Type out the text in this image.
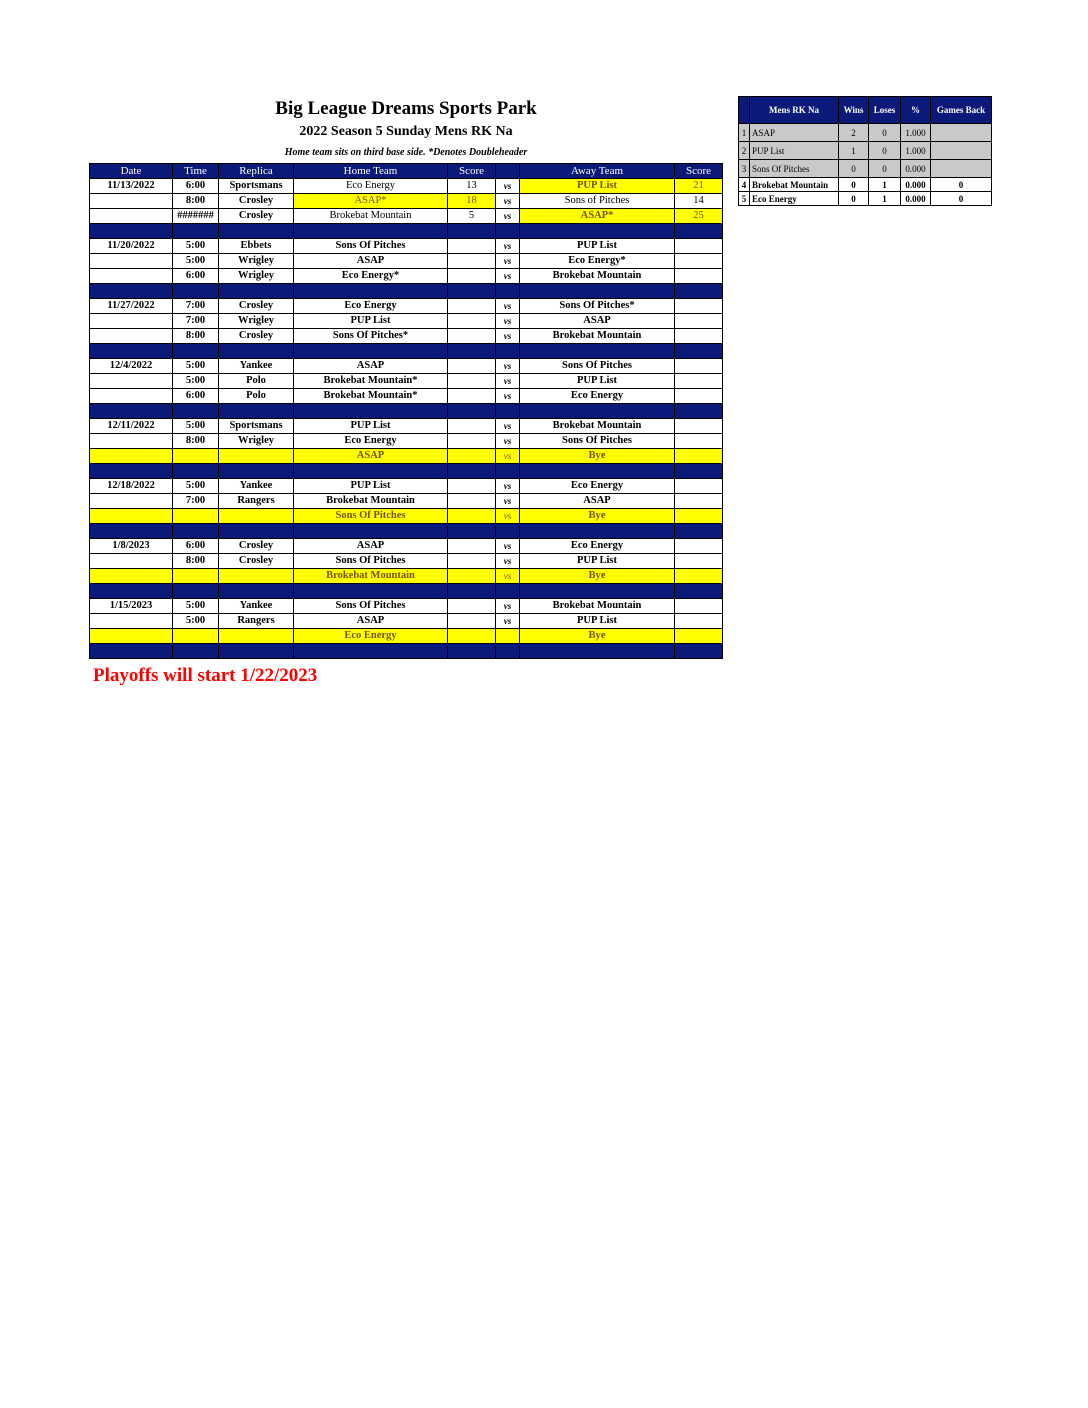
Big League Dreams Sports Park
2022 Season 5 Sunday Mens RK Na
Home team sits on third base side. *Denotes Doubleheader
Date	Time	Replica	Home Team	Score		Away Team	Score
11/13/2022	6:00	Sportsmans	Eco Energy	13	vs	PUP List	21
	8:00	Crosley	ASAP*	18	vs	Sons of Pitches	14
	#######	Crosley	Brokebat Mountain	5	vs	ASAP*	25

11/20/2022	5:00	Ebbets	Sons Of Pitches		vs	PUP List	
	5:00	Wrigley	ASAP		vs	Eco Energy*	
	6:00	Wrigley	Eco Energy*		vs	Brokebat Mountain	

11/27/2022	7:00	Crosley	Eco Energy		vs	Sons Of Pitches*	
	7:00	Wrigley	PUP List		vs	ASAP	
	8:00	Crosley	Sons Of Pitches*		vs	Brokebat Mountain	

12/4/2022	5:00	Yankee	ASAP		vs	Sons Of Pitches	
	5:00	Polo	Brokebat Mountain*		vs	PUP List	
	6:00	Polo	Brokebat Mountain*		vs	Eco Energy	

12/11/2022	5:00	Sportsmans	PUP List		vs	Brokebat Mountain	
	8:00	Wrigley	Eco Energy		vs	Sons Of Pitches	
			ASAP		vs	Bye	

12/18/2022	5:00	Yankee	PUP List		vs	Eco Energy	
	7:00	Rangers	Brokebat Mountain		vs	ASAP	
			Sons Of Pitches		vs	Bye	

1/8/2023	6:00	Crosley	ASAP		vs	Eco Energy	
	8:00	Crosley	Sons Of Pitches		vs	PUP List	
			Brokebat Mountain		vs	Bye	

1/15/2023	5:00	Yankee	Sons Of Pitches		vs	Brokebat Mountain	
	5:00	Rangers	ASAP		vs	PUP List	
			Eco Energy			Bye	

Playoffs will start 1/22/2023
	Mens RK Na	Wins	Loses	%	Games Back
1	ASAP	2	0	1.000	
2	PUP List	1	0	1.000	
3	Sons Of Pitches	0	0	0.000	
4	Brokebat Mountain	0	1	0.000	0
5	Eco Energy	0	1	0.000	0
